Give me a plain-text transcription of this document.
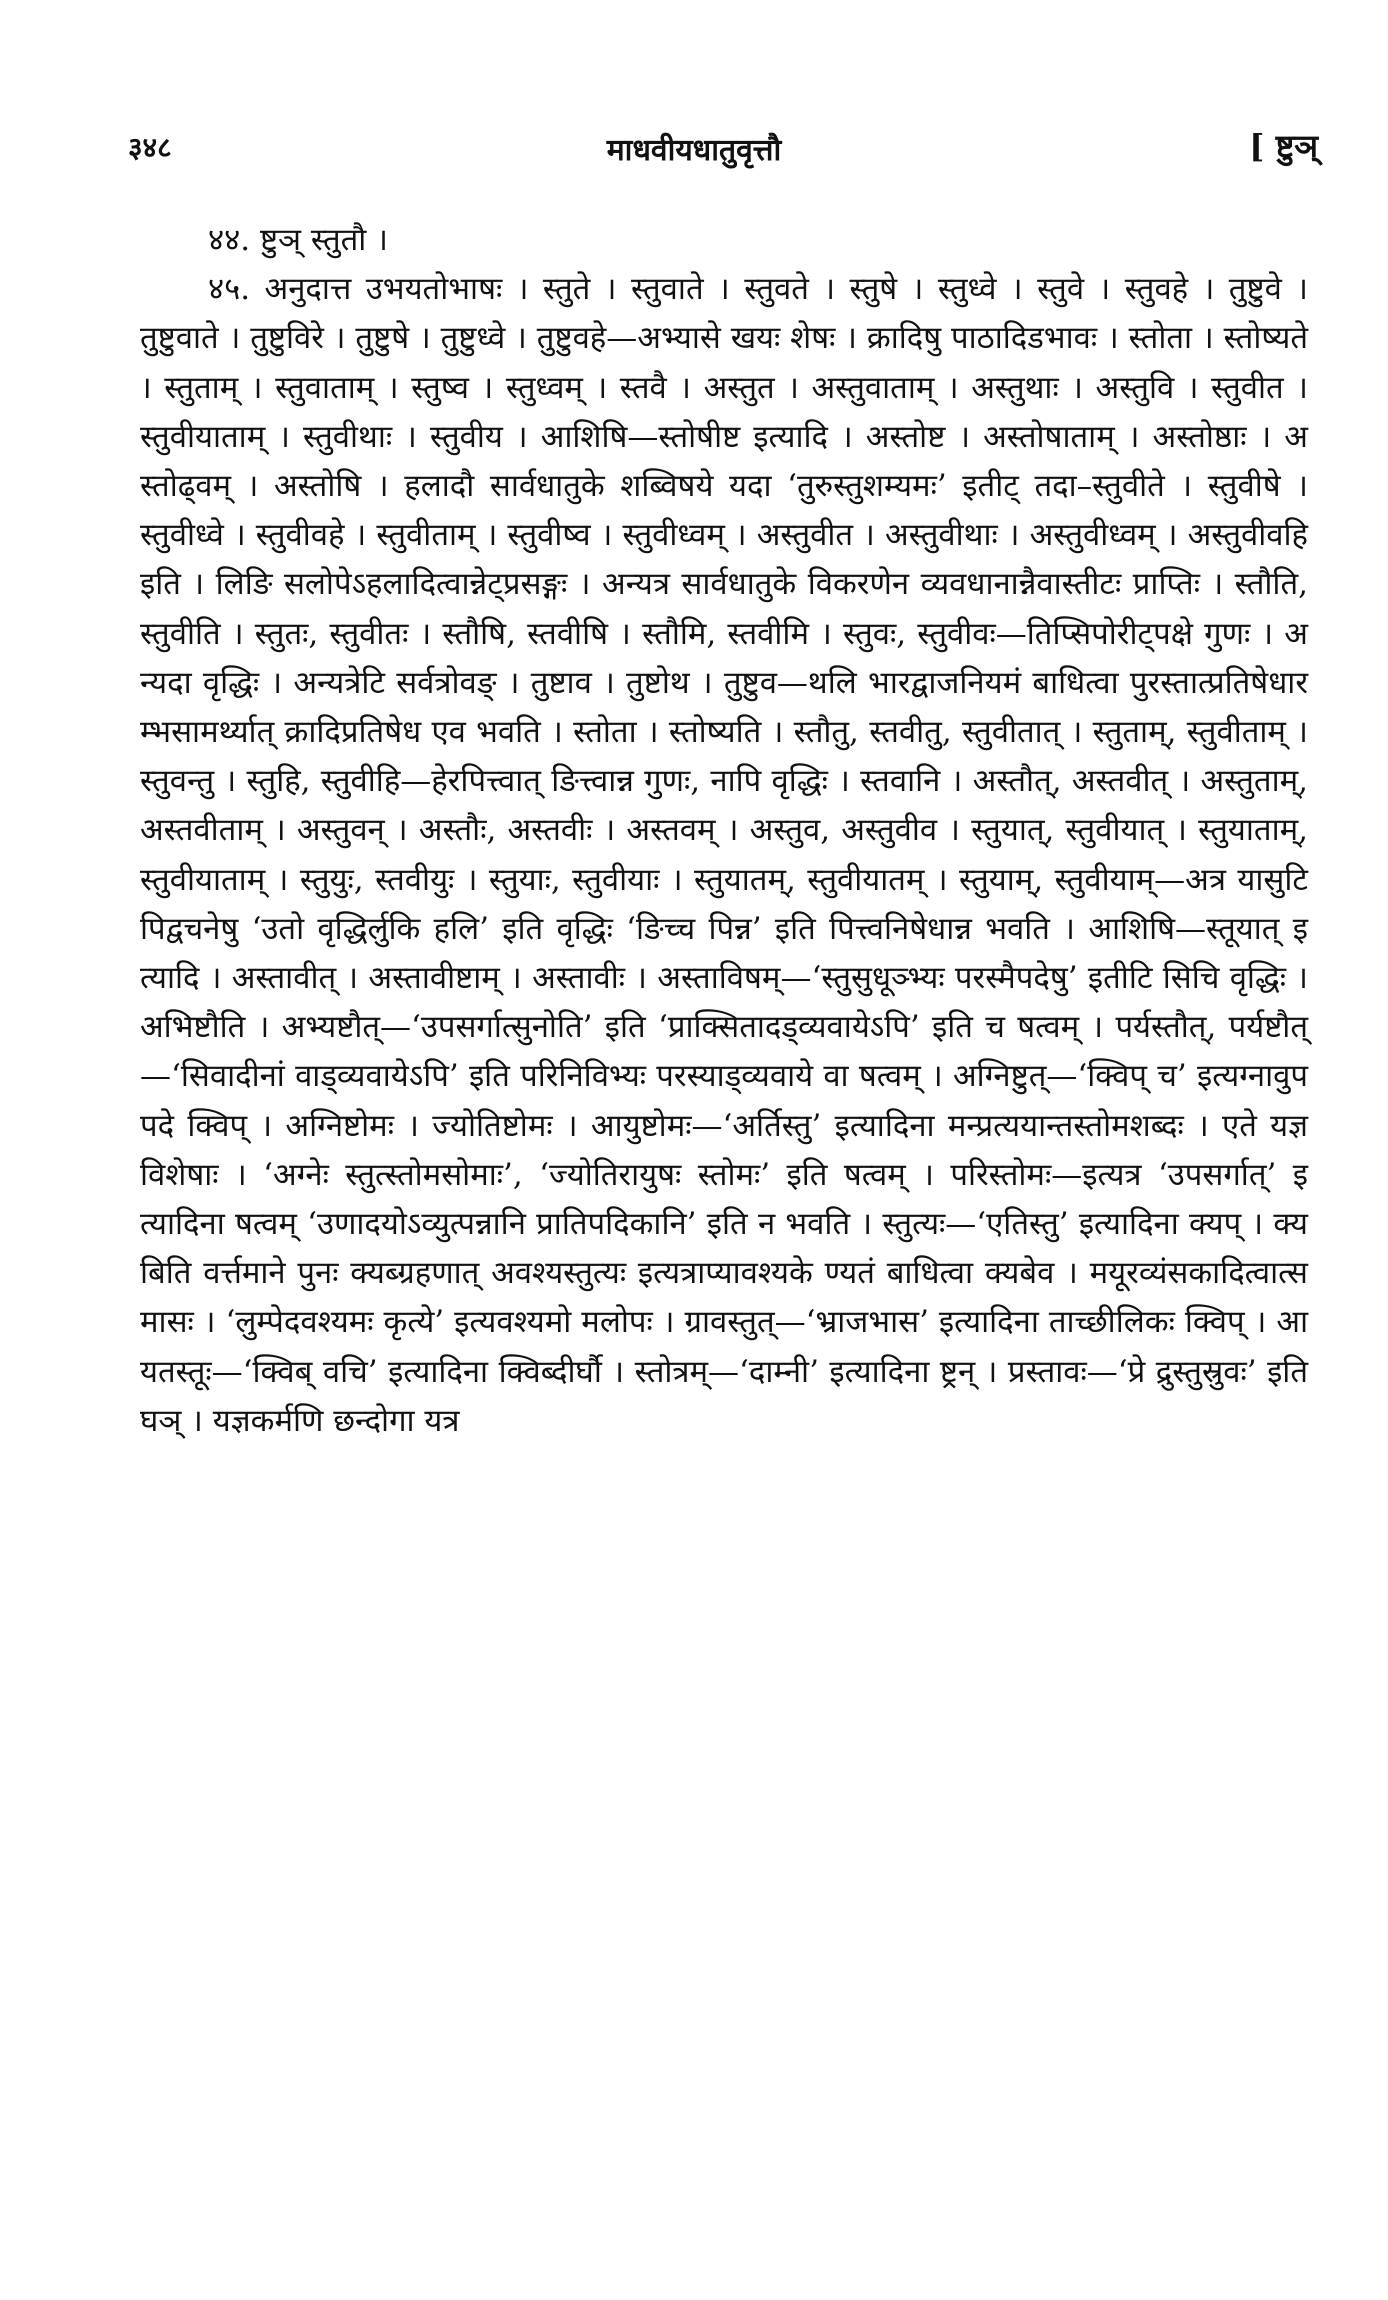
३४८	माधवीयधातुवृत्तौ	[ ष्टुञ्

४४. ष्टुञ् स्तुतौ ।

४५. अनुदात्त उभयतोभाषः । स्तुते । स्तुवाते । स्तुवते । स्तुषे । स्तुध्वे । स्तुवे । स्तुवहे । तुष्टुवे । तुष्टुवाते । तुष्टुविरे । तुष्टुषे । तुष्टुध्वे । तुष्टुवहे—अभ्यासे खयः शेषः । क्रादिषु पाठादिडभावः । स्तोता । स्तोष्यते । स्तुताम् । स्तुवाताम् । स्तुष्व । स्तुध्वम् । स्तवै । अस्तुत । अस्तुवाताम् । अस्तुथाः । अस्तुवि । स्तुवीत । स्तुवीयाताम् । स्तुवीथाः । स्तुवीय । आशिषि—स्तोषीष्ट इत्यादि । अस्तोष्ट । अस्तोषाताम् । अस्तोष्ठाः । अस्तोढ्वम् । अस्तोषि । हलादौ सार्वधातुके शब्विषये यदा ‘तुरुस्तुशम्यमः’ इतीट् तदा–स्तुवीते । स्तुवीषे । स्तुवीध्वे । स्तुवीवहे । स्तुवीताम् । स्तुवीष्व । स्तुवीध्वम् । अस्तुवीत । अस्तुवीथाः । अस्तुवीध्वम् । अस्तुवीवहि इति । लिङि सलोपेऽहलादित्वान्नेट्प्रसङ्गः । अन्यत्र सार्वधातुके विकरणेन व्यवधानान्नैवास्तीटः प्राप्तिः । स्तौति, स्तुवीति । स्तुतः, स्तुवीतः । स्तौषि, स्तवीषि । स्तौमि, स्तवीमि । स्तुवः, स्तुवीवः—तिप्सिपोरीट्पक्षे गुणः । अन्यदा वृद्धिः । अन्यत्रेटि सर्वत्रोवङ् । तुष्टाव । तुष्टोथ । तुष्टुव—थलि भारद्वाजनियमं बाधित्वा पुरस्तात्प्रतिषेधारम्भसामर्थ्यात् क्रादिप्रतिषेध एव भवति । स्तोता । स्तोष्यति । स्तौतु, स्तवीतु, स्तुवीतात् । स्तुताम्, स्तुवीताम् । स्तुवन्तु । स्तुहि, स्तुवीहि—हेरपित्त्वात् ङित्त्वान्न गुणः, नापि वृद्धिः । स्तवानि । अस्तौत्, अस्तवीत् । अस्तुताम्, अस्तवीताम् । अस्तुवन् । अस्तौः, अस्तवीः । अस्तवम् । अस्तुव, अस्तुवीव । स्तुयात्, स्तुवीयात् । स्तुयाताम्, स्तुवीयाताम् । स्तुयुः, स्तवीयुः । स्तुयाः, स्तुवीयाः । स्तुयातम्, स्तुवीयातम् । स्तुयाम्, स्तुवीयाम्—अत्र यासुटि पिद्वचनेषु ‘उतो वृद्धिर्लुकि हलि’ इति वृद्धिः ‘ङिच्च पिन्न’ इति पित्त्वनिषेधान्न भवति । आशिषि—स्तूयात् इत्यादि । अस्तावीत् । अस्तावीष्टाम् । अस्तावीः । अस्ताविषम्—‘स्तुसुधूञ्भ्यः परस्मैपदेषु’ इतीटि सिचि वृद्धिः । अभिष्टौति । अभ्यष्टौत्—‘उपसर्गात्सुनोति’ इति ‘प्राक्सितादड्व्यवायेऽपि’ इति च षत्वम् । पर्यस्तौत्, पर्यष्टौत्—‘सिवादीनां वाड्व्यवायेऽपि’ इति परिनिविभ्यः परस्याड्व्यवाये वा षत्वम् । अग्निष्टुत्—‘क्विप् च’ इत्यग्नावुपपदे क्विप् । अग्निष्टोमः । ज्योतिष्टोमः । आयुष्टोमः—‘अर्तिस्तु’ इत्यादिना मन्प्रत्ययान्तस्तोमशब्दः । एते यज्ञविशेषाः । ‘अग्नेः स्तुत्स्तोमसोमाः’, ‘ज्योतिरायुषः स्तोमः’ इति षत्वम् । परिस्तोमः—इत्यत्र ‘उपसर्गात्’ इत्यादिना षत्वम् ‘उणादयोऽव्युत्पन्नानि प्रातिपदिकानि’ इति न भवति । स्तुत्यः—‘एतिस्तु’ इत्यादिना क्यप् । क्यबिति वर्त्तमाने पुनः क्यब्ग्रहणात् अवश्यस्तुत्यः इत्यत्राप्यावश्यके ण्यतं बाधित्वा क्यबेव । मयूरव्यंसकादित्वात्समासः । ‘लुम्पेदवश्यमः कृत्ये’ इत्यवश्यमो मलोपः । ग्रावस्तुत्—‘भ्राजभास’ इत्यादिना ताच्छीलिकः क्विप् । आयतस्तूः—‘क्विब् वचि’ इत्यादिना क्विब्दीर्घौ । स्तोत्रम्—‘दाम्नी’ इत्यादिना ष्ट्रन् । प्रस्तावः—‘प्रे द्रुस्तुस्रुवः’ इति घञ् । यज्ञकर्मणि छन्दोगा यत्र
